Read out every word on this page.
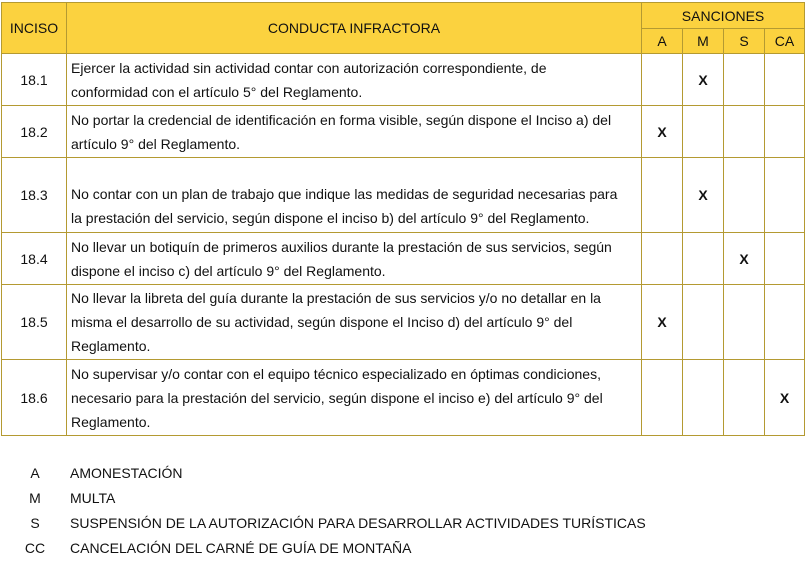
INCISO	CONDUCTA INFRACTORA	SANCIONES			
		A	M	S	CA
18.1	Ejercer la actividad sin actividad contar con autorización correspondiente, de
conformidad con el artículo 5° del Reglamento.		X		
18.2	No portar la credencial de identificación en forma visible, según dispone el Inciso a) del
artículo 9° del Reglamento.	X			
18.3	No contar con un plan de trabajo que indique las medidas de seguridad necesarias para
la prestación del servicio, según dispone el inciso b) del artículo 9° del Reglamento.		X		
18.4	No llevar un botiquín de primeros auxilios durante la prestación de sus servicios, según
dispone el inciso c) del artículo 9° del Reglamento.			X	
18.5	No llevar la libreta del guía durante la prestación de sus servicios y/o no detallar en la
misma el desarrollo de su actividad, según dispone el Inciso d) del artículo 9° del
Reglamento.	X			
18.6	No supervisar y/o contar con el equipo técnico especializado en óptimas condiciones,
necesario para la prestación del servicio, según dispone el inciso e) del artículo 9° del
Reglamento.				X
A	AMONESTACIÓN
M	MULTA
S	SUSPENSIÓN DE LA AUTORIZACIÓN PARA DESARROLLAR ACTIVIDADES TURÍSTICAS
CC	CANCELACIÓN DEL CARNÉ DE GUÍA DE MONTAÑA
